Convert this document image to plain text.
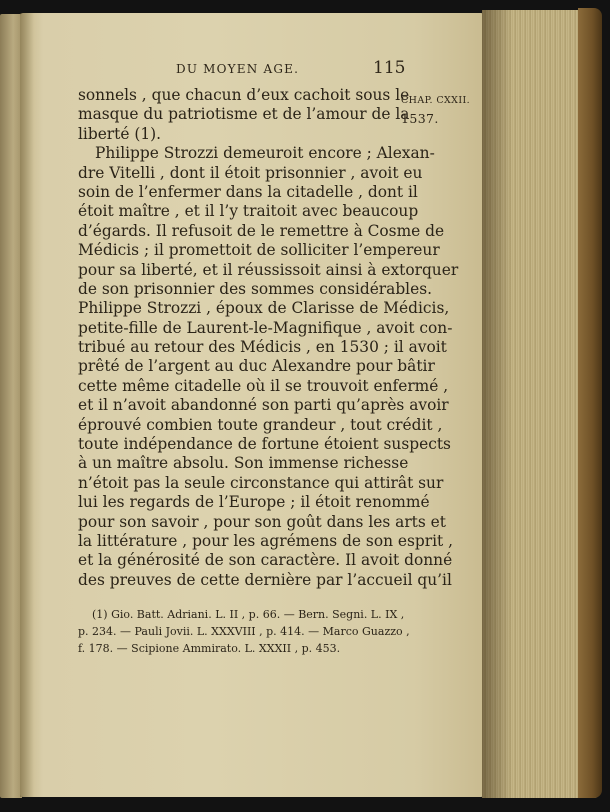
DU MOYEN AGE.	115
CHAP. CXXII.
1537.
sonnels , que chacun d’eux cachoit sous le
masque du patriotisme et de l’amour de la
liberté (1).
Philippe Strozzi demeuroit encore ; Alexan-
dre Vitelli , dont il étoit prisonnier , avoit eu
soin de l’enfermer dans la citadelle , dont il
étoit maître , et il l’y traitoit avec beaucoup
d’égards. Il refusoit de le remettre à Cosme de
Médicis ; il promettoit de solliciter l’empereur
pour sa liberté, et il réussissoit ainsi à extorquer
de son prisonnier des sommes considérables.
Philippe Strozzi , époux de Clarisse de Médicis,
petite-fille de Laurent-le-Magnifique , avoit con-
tribué au retour des Médicis , en 1530 ; il avoit
prêté de l’argent au duc Alexandre pour bâtir
cette même citadelle où il se trouvoit enfermé ,
et il n’avoit abandonné son parti qu’après avoir
éprouvé combien toute grandeur , tout crédit ,
toute indépendance de fortune étoient suspects
à un maître absolu. Son immense richesse
n’étoit pas la seule circonstance qui attirât sur
lui les regards de l’Europe ; il étoit renommé
pour son savoir , pour son goût dans les arts et
la littérature , pour les agrémens de son esprit ,
et la générosité de son caractère. Il avoit donné
des preuves de cette dernière par l’accueil qu’il
(1) Gio. Batt. Adriani. L. II , p. 66. — Bern. Segni. L. IX ,
p. 234. — Pauli Jovii. L. XXXVIII , p. 414. — Marco Guazzo ,
f. 178. — Scipione Ammirato. L. XXXII , p. 453.
